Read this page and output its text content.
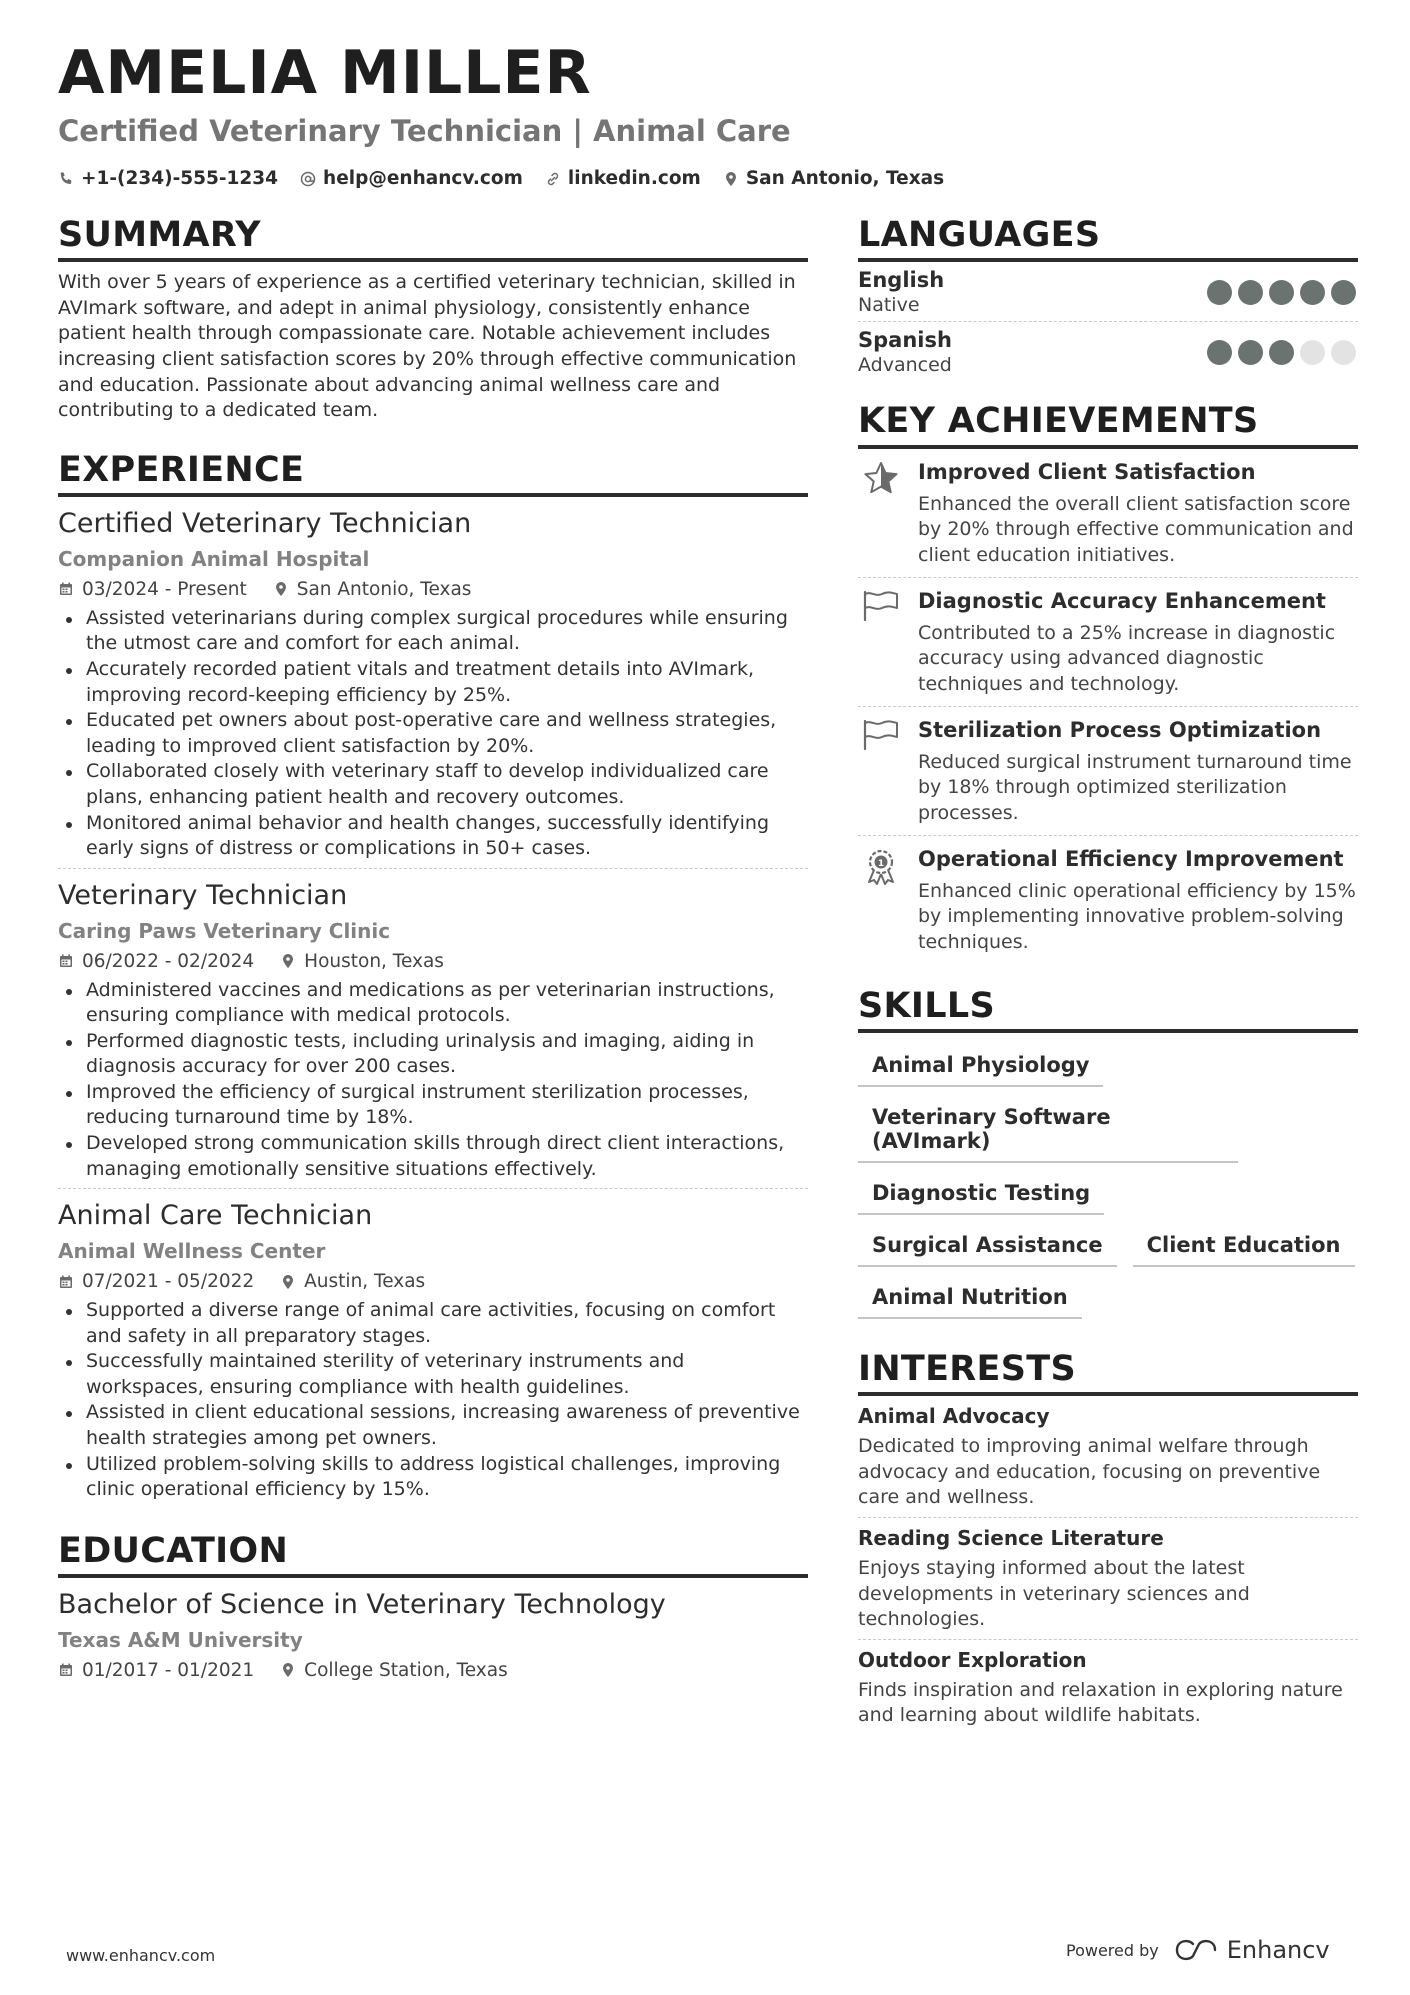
AMELIA MILLER
Certified Veterinary Technician | Animal Care
+1-(234)-555-1234 help@enhancv.com linkedin.com San Antonio, Texas
SUMMARY
With over 5 years of experience as a certified veterinary technician, skilled in AVImark software, and adept in animal physiology, consistently enhance patient health through compassionate care. Notable achievement includes increasing client satisfaction scores by 20% through effective communication and education. Passionate about advancing animal wellness care and contributing to a dedicated team.
EXPERIENCE
Certified Veterinary Technician
Companion Animal Hospital
03/2024 - Present	San Antonio, Texas
Assisted veterinarians during complex surgical procedures while ensuring the utmost care and comfort for each animal.
Accurately recorded patient vitals and treatment details into AVImark, improving record-keeping efficiency by 25%.
Educated pet owners about post-operative care and wellness strategies, leading to improved client satisfaction by 20%.
Collaborated closely with veterinary staff to develop individualized care plans, enhancing patient health and recovery outcomes.
Monitored animal behavior and health changes, successfully identifying early signs of distress or complications in 50+ cases.
Veterinary Technician
Caring Paws Veterinary Clinic
06/2022 - 02/2024	Houston, Texas
Administered vaccines and medications as per veterinarian instructions, ensuring compliance with medical protocols.
Performed diagnostic tests, including urinalysis and imaging, aiding in diagnosis accuracy for over 200 cases.
Improved the efficiency of surgical instrument sterilization processes, reducing turnaround time by 18%.
Developed strong communication skills through direct client interactions, managing emotionally sensitive situations effectively.
Animal Care Technician
Animal Wellness Center
07/2021 - 05/2022	Austin, Texas
Supported a diverse range of animal care activities, focusing on comfort and safety in all preparatory stages.
Successfully maintained sterility of veterinary instruments and workspaces, ensuring compliance with health guidelines.
Assisted in client educational sessions, increasing awareness of preventive health strategies among pet owners.
Utilized problem-solving skills to address logistical challenges, improving clinic operational efficiency by 15%.
EDUCATION
Bachelor of Science in Veterinary Technology
Texas A&M University
01/2017 - 01/2021	College Station, Texas
LANGUAGES
English
Native
Spanish
Advanced
KEY ACHIEVEMENTS
Improved Client Satisfaction
Enhanced the overall client satisfaction score by 20% through effective communication and client education initiatives.
Diagnostic Accuracy Enhancement
Contributed to a 25% increase in diagnostic accuracy using advanced diagnostic techniques and technology.
Sterilization Process Optimization
Reduced surgical instrument turnaround time by 18% through optimized sterilization processes.
1 Operational Efficiency Improvement
Enhanced clinic operational efficiency by 15% by implementing innovative problem-solving techniques.
SKILLS
Animal Physiology
Veterinary Software (AVImark)
Diagnostic Testing
Surgical Assistance	Client Education
Animal Nutrition
INTERESTS
Animal Advocacy
Dedicated to improving animal welfare through advocacy and education, focusing on preventive care and wellness.
Reading Science Literature
Enjoys staying informed about the latest developments in veterinary sciences and technologies.
Outdoor Exploration
Finds inspiration and relaxation in exploring nature and learning about wildlife habitats.
www.enhancv.com	Powered by	Enhancv
